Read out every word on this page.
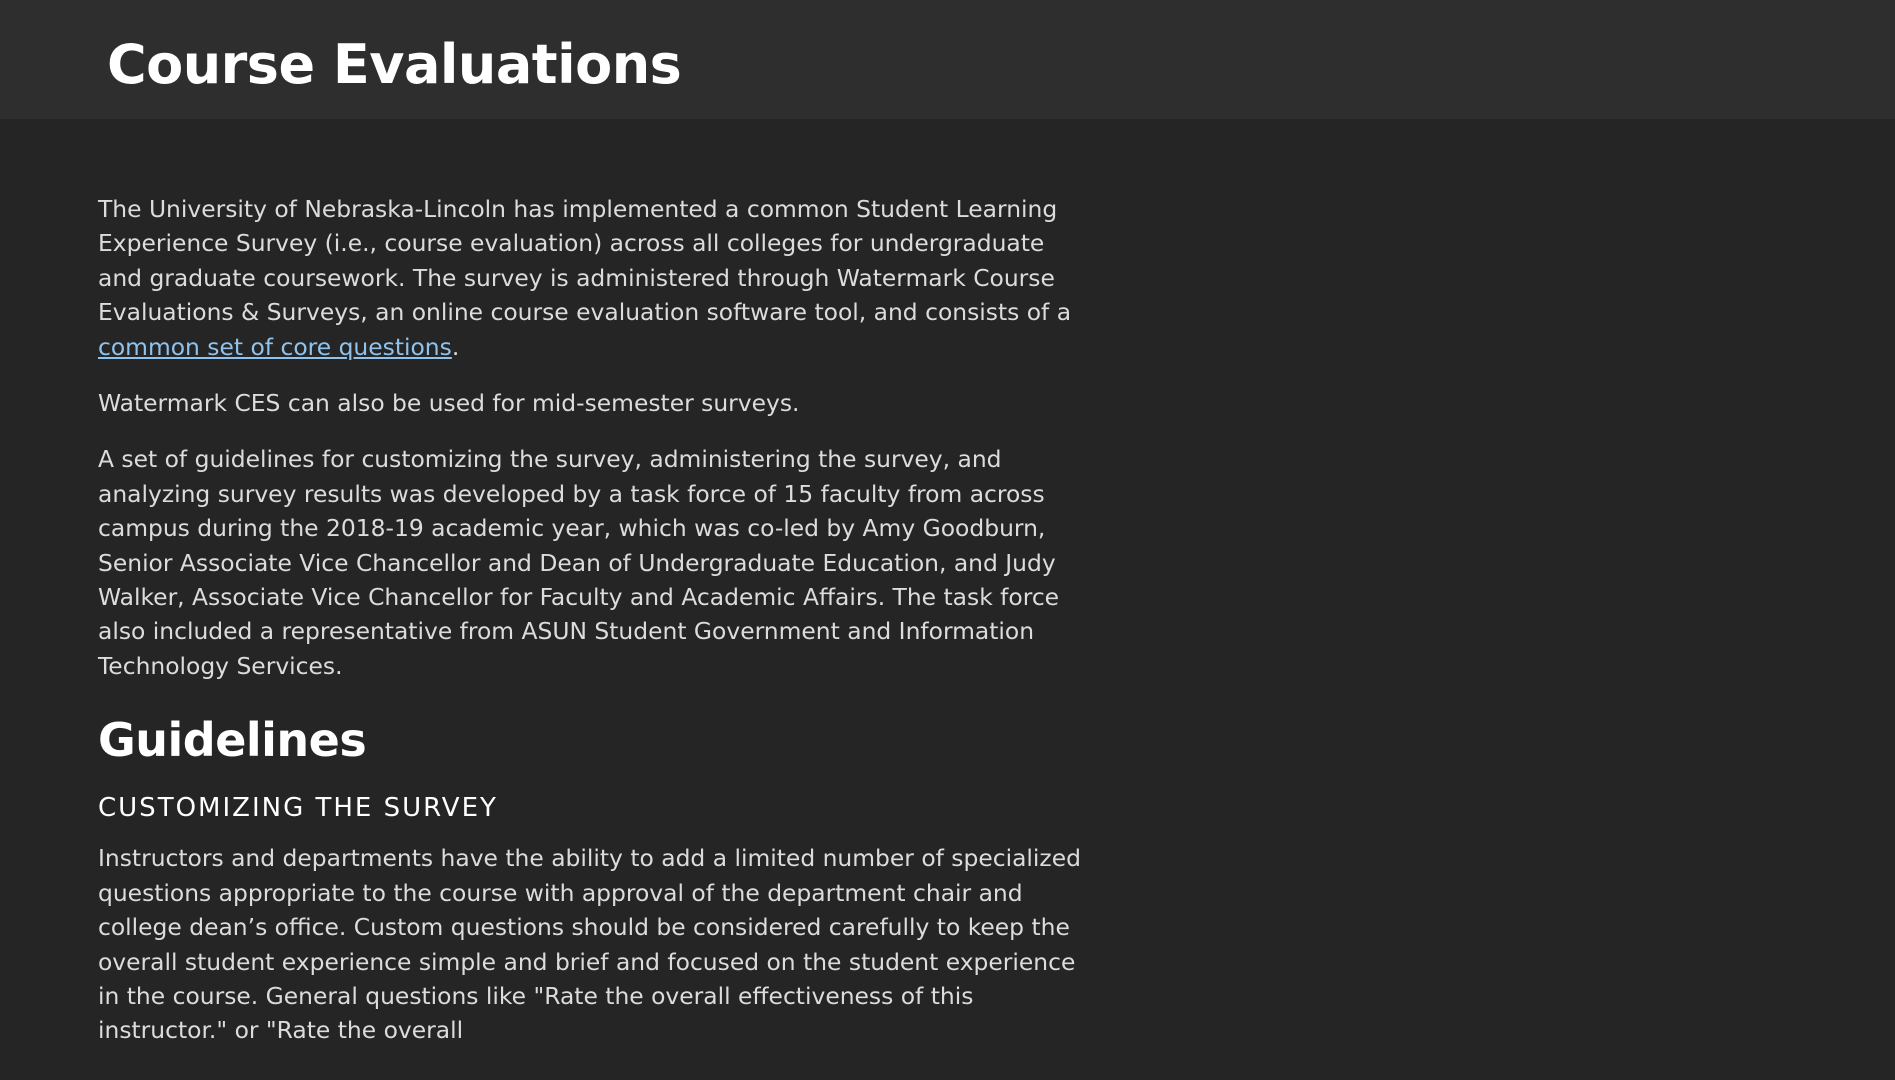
Course Evaluations

The University of Nebraska-Lincoln has implemented a common Student Learning Experience Survey (i.e., course evaluation) across all colleges for undergraduate and graduate coursework. The survey is administered through Watermark Course Evaluations & Surveys, an online course evaluation software tool, and consists of a common set of core questions.

Watermark CES can also be used for mid-semester surveys.

A set of guidelines for customizing the survey, administering the survey, and analyzing survey results was developed by a task force of 15 faculty from across campus during the 2018-19 academic year, which was co-led by Amy Goodburn, Senior Associate Vice Chancellor and Dean of Undergraduate Education, and Judy Walker, Associate Vice Chancellor for Faculty and Academic Affairs. The task force also included a representative from ASUN Student Government and Information Technology Services.

Guidelines
CUSTOMIZING THE SURVEY

Instructors and departments have the ability to add a limited number of specialized questions appropriate to the course with approval of the department chair and college dean’s office. Custom questions should be considered carefully to keep the overall student experience simple and brief and focused on the student experience in the course. General questions like "Rate the overall effectiveness of this instructor." or "Rate the overall
